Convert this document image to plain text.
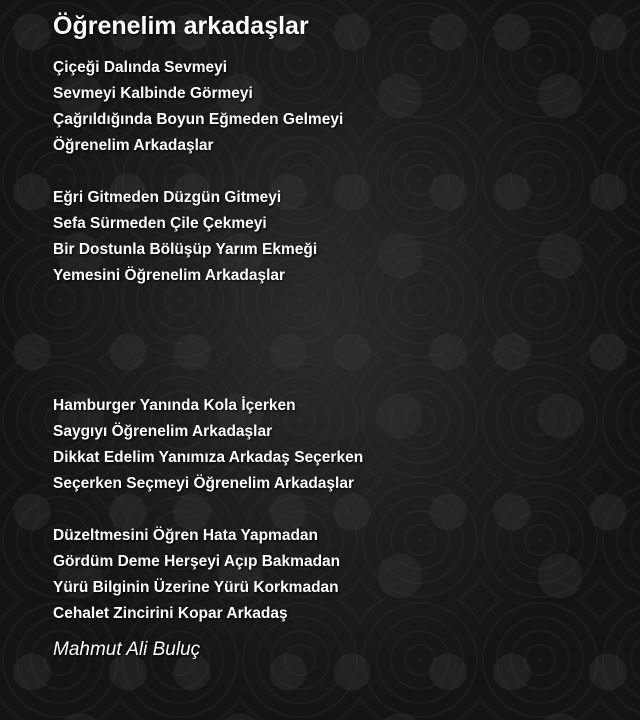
Öğrenelim arkadaşlar
Çiçeği Dalında Sevmeyi
Sevmeyi Kalbinde Görmeyi
Çağrıldığında Boyun Eğmeden Gelmeyi
Öğrenelim Arkadaşlar
Eğri Gitmeden Düzgün Gitmeyi
Sefa Sürmeden Çile Çekmeyi
Bir Dostunla Bölüşüp Yarım Ekmeği
Yemesini Öğrenelim Arkadaşlar
Hamburger Yanında Kola İçerken
Saygıyı Öğrenelim Arkadaşlar
Dikkat Edelim Yanımıza Arkadaş Seçerken
Seçerken Seçmeyi Öğrenelim Arkadaşlar
Düzeltmesini Öğren Hata Yapmadan
Gördüm Deme Herşeyi Açıp Bakmadan
Yürü Bilginin Üzerine Yürü Korkmadan
Cehalet Zincirini Kopar Arkadaş
Mahmut Ali Buluç
